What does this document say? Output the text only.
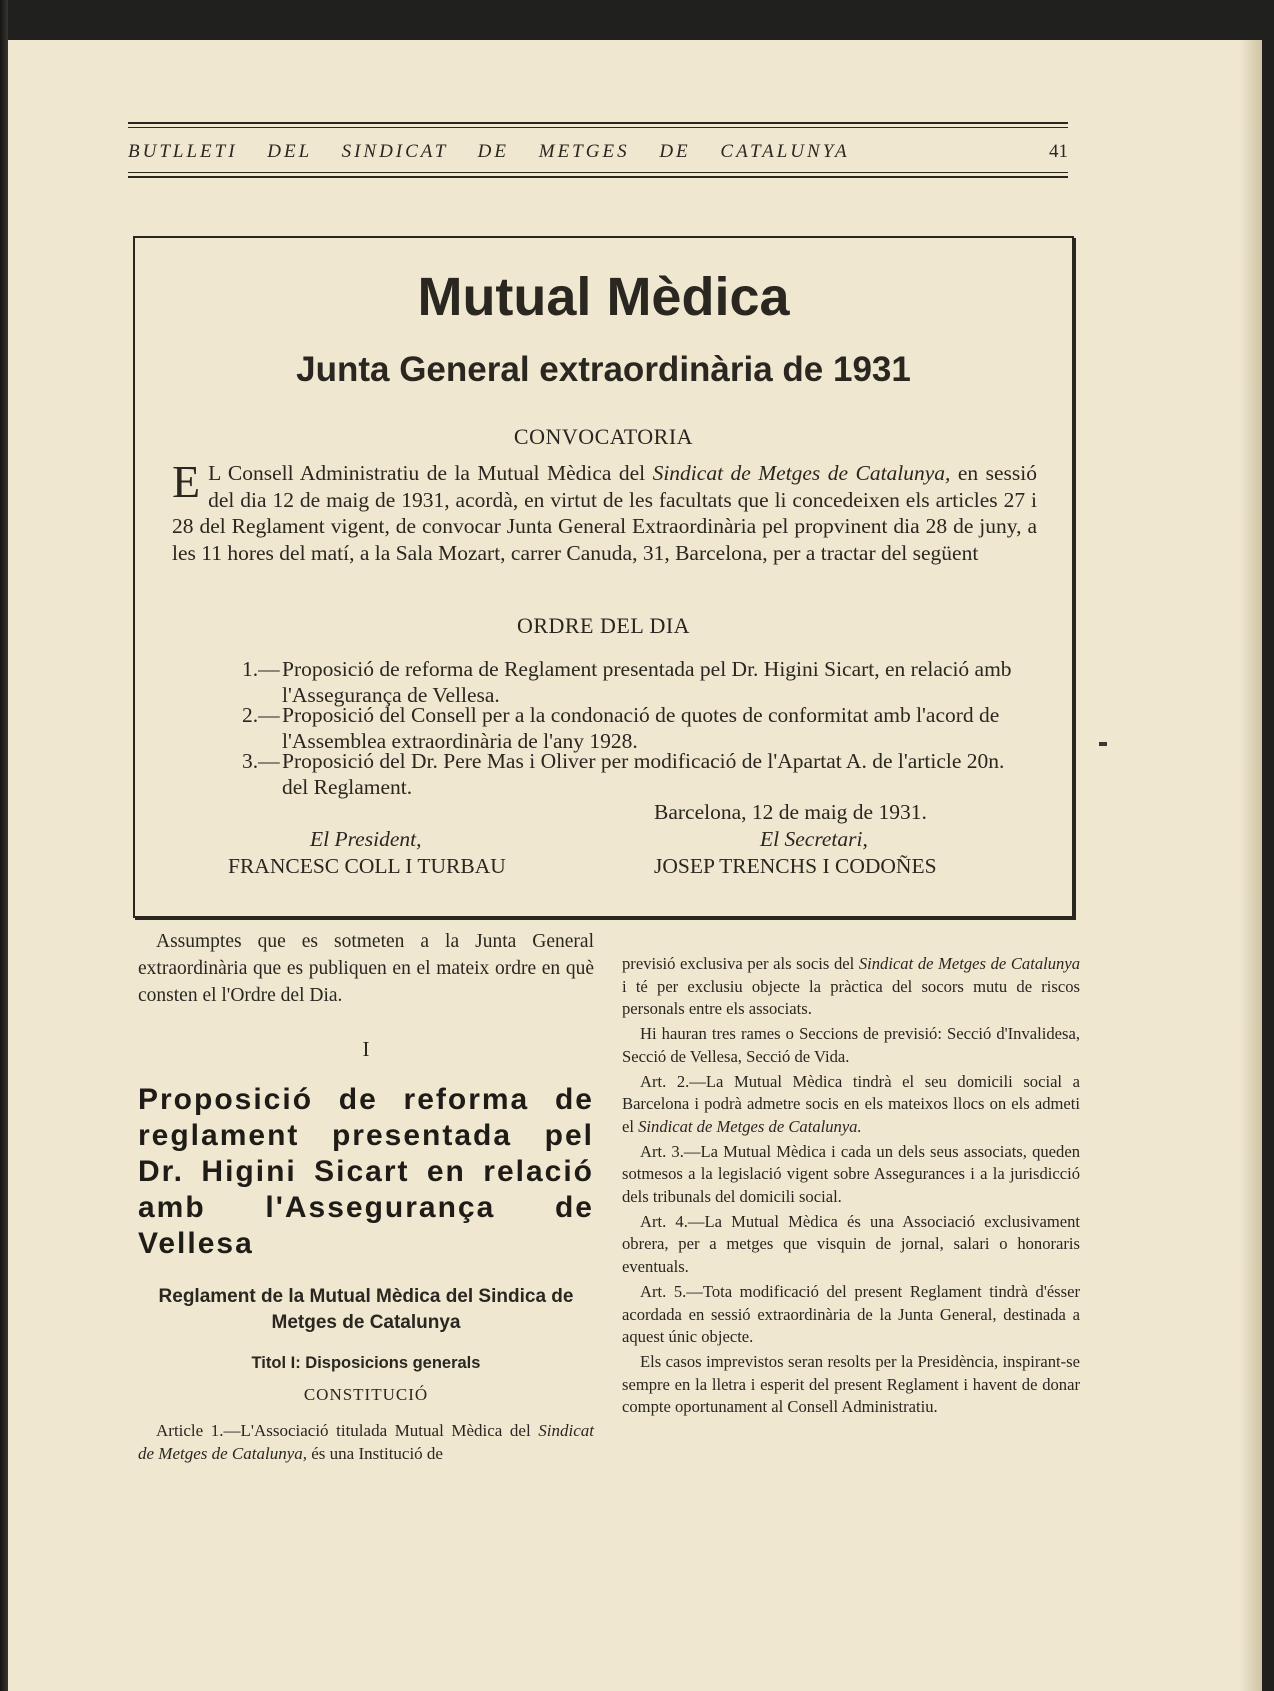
BUTLLETI DEL SINDICAT DE METGES DE CATALUNYA	41
Mutual Mèdica
Junta General extraordinària de 1931
CONVOCATORIA
E L Consell Administratiu de la Mutual Mèdica del Sindicat de Metges de Catalunya, en sessió del dia 12 de maig de 1931, acordà, en virtut de les facultats que li concedeixen els articles 27 i 28 del Reglament vigent, de convocar Junta General Extraordinària pel propvinent dia 28 de juny, a les 11 hores del matí, a la Sala Mozart, carrer Canuda, 31, Barcelona, per a tractar del següent
ORDRE DEL DIA
1.— Proposició de reforma de Reglament presentada pel Dr. Higini Sicart, en relació amb l'Assegurança de Vellesa.
2.— Proposició del Consell per a la condonació de quotes de conformitat amb l'acord de l'Assemblea extraordinària de l'any 1928.
3.— Proposició del Dr. Pere Mas i Oliver per modificació de l'Apartat A. de l'article 20n. del Reglament.
Barcelona, 12 de maig de 1931.
El President,	El Secretari,
FRANCESC COLL I TURBAU	JOSEP TRENCHS I CODOÑES

Assumptes que es sotmeten a la Junta General extraordinària que es publiquen en el mateix ordre en què consten el l'Ordre del Dia.

I

Proposició de reforma de reglament presentada pel Dr. Higini Sicart en relació amb l'Assegurança de Vellesa

Reglament de la Mutual Mèdica del Sindica de Metges de Catalunya

Titol I: Disposicions generals

CONSTITUCIÓ

Article 1.—L'Associació titulada Mutual Mèdica del Sindicat de Metges de Catalunya, és una Institució de

previsió exclusiva per als socis del Sindicat de Metges de Catalunya i té per exclusiu objecte la pràctica del socors mutu de riscos personals entre els associats.

Hi hauran tres rames o Seccions de previsió: Secció d'Invalidesa, Secció de Vellesa, Secció de Vida.

Art. 2.—La Mutual Mèdica tindrà el seu domicili social a Barcelona i podrà admetre socis en els mateixos llocs on els admeti el Sindicat de Metges de Catalunya.

Art. 3.—La Mutual Mèdica i cada un dels seus associats, queden sotmesos a la legislació vigent sobre Assegurances i a la jurisdicció dels tribunals del domicili social.

Art. 4.—La Mutual Mèdica és una Associació exclusivament obrera, per a metges que visquin de jornal, salari o honoraris eventuals.

Art. 5.—Tota modificació del present Reglament tindrà d'ésser acordada en sessió extraordinària de la Junta General, destinada a aquest únic objecte.

Els casos imprevistos seran resolts per la Presidència, inspirant-se sempre en la lletra i esperit del present Reglament i havent de donar compte oportunament al Consell Administratiu.
